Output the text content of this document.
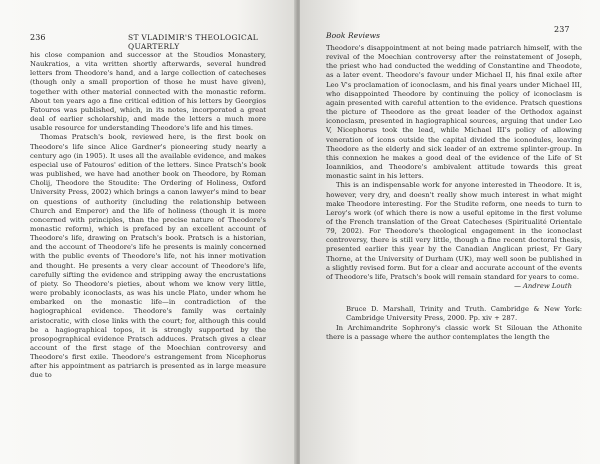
236	ST VLADIMIR'S THEOLOGICAL QUARTERLY

his close companion and successor at the Stoudios Monastery, Naukratios, a vita written shortly afterwards, several hundred letters from Theodore's hand, and a large collection of catecheses (though only a small proportion of those he must have given), together with other material connected with the monastic reform. About ten years ago a fine critical edition of his letters by Georgios Fatouros was published, which, in its notes, incorporated a great deal of earlier scholarship, and made the letters a much more usable resource for understanding Theodore's life and his times.

Thomas Pratsch's book, reviewed here, is the first book on Theodore's life since Alice Gardner's pioneering study nearly a century ago (in 1905). It uses all the available evidence, and makes especial use of Fatouros' edition of the letters. Since Pratsch's book was published, we have had another book on Theodore, by Roman Cholij, Theodore the Stoudite: The Ordering of Holiness, Oxford University Press, 2002) which brings a canon lawyer's mind to bear on questions of authority (including the relationship between Church and Emperor) and the life of holiness (though it is more concerned with principles, than the precise nature of Theodore's monastic reform), which is prefaced by an excellent account of Theodore's life, drawing on Pratsch's book. Pratsch is a historian, and the account of Theodore's life he presents is mainly concerned with the public events of Theodore's life, not his inner motivation and thought. He presents a very clear account of Theodore's life, carefully sifting the evidence and stripping away the encrustations of piety. So Theodore's pieties, about whom we know very little, were probably iconoclasts, as was his uncle Plato, under whom he embarked on the monastic life—in contradiction of the hagiographical evidence. Theodore's family was certainly aristocratic, with close links with the court; for, although this could be a hagiographical topos, it is strongly supported by the prosopographical evidence Pratsch adduces. Pratsch gives a clear account of the first stage of the Moechian controversy and Theodore's first exile. Theodore's estrangement from Nicephorus after his appointment as patriarch is presented as in large measure due to

Book Reviews
237

Theodore's disappointment at not being made patriarch himself, with the revival of the Moechian controversy after the reinstatement of Joseph, the priest who had conducted the wedding of Constantine and Theodote, as a later event. Theodore's favour under Michael II, his final exile after Leo V's proclamation of iconoclasm, and his final years under Michael III, who disappointed Theodore by continuing the policy of iconoclasm is again presented with careful attention to the evidence. Pratsch questions the picture of Theodore as the great leader of the Orthodox against iconoclasm, presented in hagiographical sources, arguing that under Leo V, Nicephorus took the lead, while Michael III's policy of allowing veneration of icons outside the capital divided the iconodules, leaving Theodore as the elderly and sick leader of an extreme splinter-group. In this connexion he makes a good deal of the evidence of the Life of St Ioannikios, and Theodore's ambivalent attitude towards this great monastic saint in his letters.

This is an indispensable work for anyone interested in Theodore. It is, however, very dry, and doesn't really show much interest in what might make Theodore interesting. For the Studite reform, one needs to turn to Leroy's work (of which there is now a useful epitome in the first volume of the French translation of the Great Catecheses (Spiritualité Orientale 79, 2002). For Theodore's theological engagement in the iconoclast controversy, there is still very little, though a fine recent doctoral thesis, presented earlier this year by the Canadian Anglican priest, Fr Gary Thorne, at the University of Durham (UK), may well soon be published in a slightly revised form. But for a clear and accurate account of the events of Theodore's life, Pratsch's book will remain standard for years to come.

— Andrew Louth

Bruce D. Marshall, Trinity and Truth. Cambridge & New York: Cambridge University Press, 2000. Pp. xiv + 287.

In Archimandrite Sophrony's classic work St Silouan the Athonite there is a passage where the author contemplates the length the
